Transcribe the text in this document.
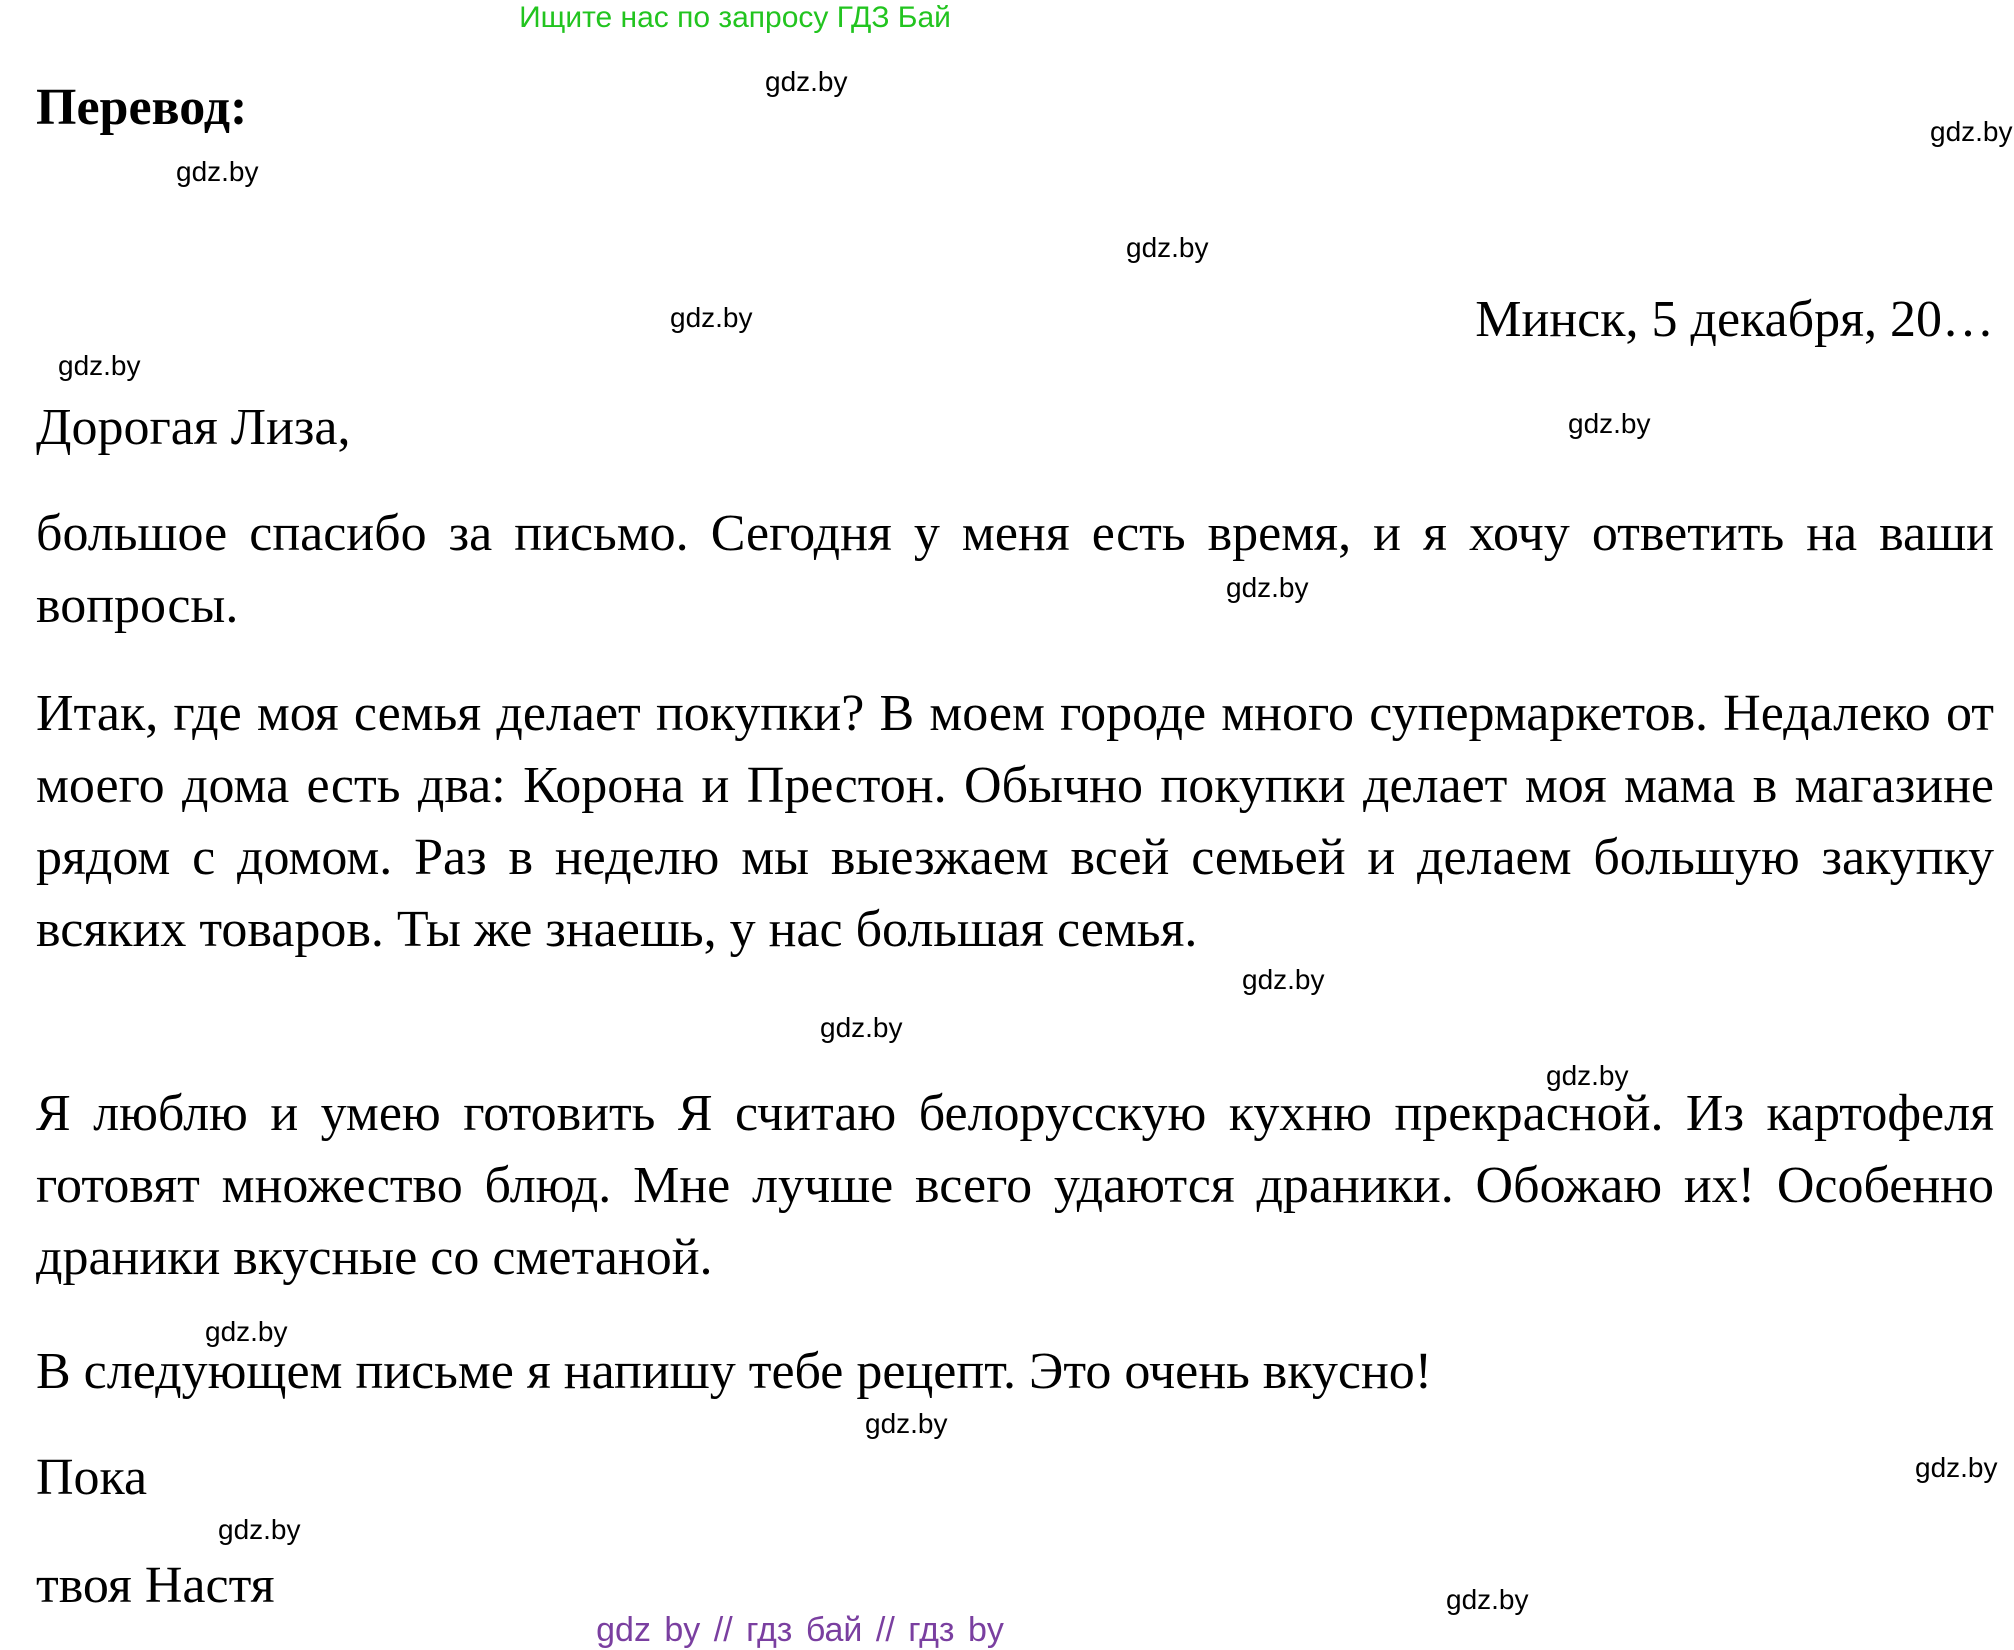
Ищите нас по запросу ГДЗ Бай
Перевод:	gdz.by
gdz.by
gdz.by
gdz.by
gdz.by
gdz.by
gdz.by
gdz.by
gdz.by
gdz.by
gdz.by
gdz.by
gdz.by
gdz.by
gdz.by
gdz.by
Минск, 5 декабря, 20…
Дорогая Лиза,

большое спасибо за письмо. Сегодня у меня есть время, и я хочу ответить на ваши вопросы.

Итак, где моя семья делает покупки? В моем городе много супермаркетов. Недалеко от моего дома есть два: Корона и Престон. Обычно покупки делает моя мама в магазине рядом с домом. Раз в неделю мы выезжаем всей семьей и делаем большую закупку всяких товаров. Ты же знаешь, у нас большая семья.

Я люблю и умею готовить Я считаю белорусскую кухню прекрасной. Из картофеля готовят множество блюд. Мне лучше всего удаются драники. Обожаю их! Особенно драники вкусные со сметаной.

В следующем письме я напишу тебе рецепт. Это очень вкусно!

Пока
твоя Настя
gdz by // гдз бай // гдз by
